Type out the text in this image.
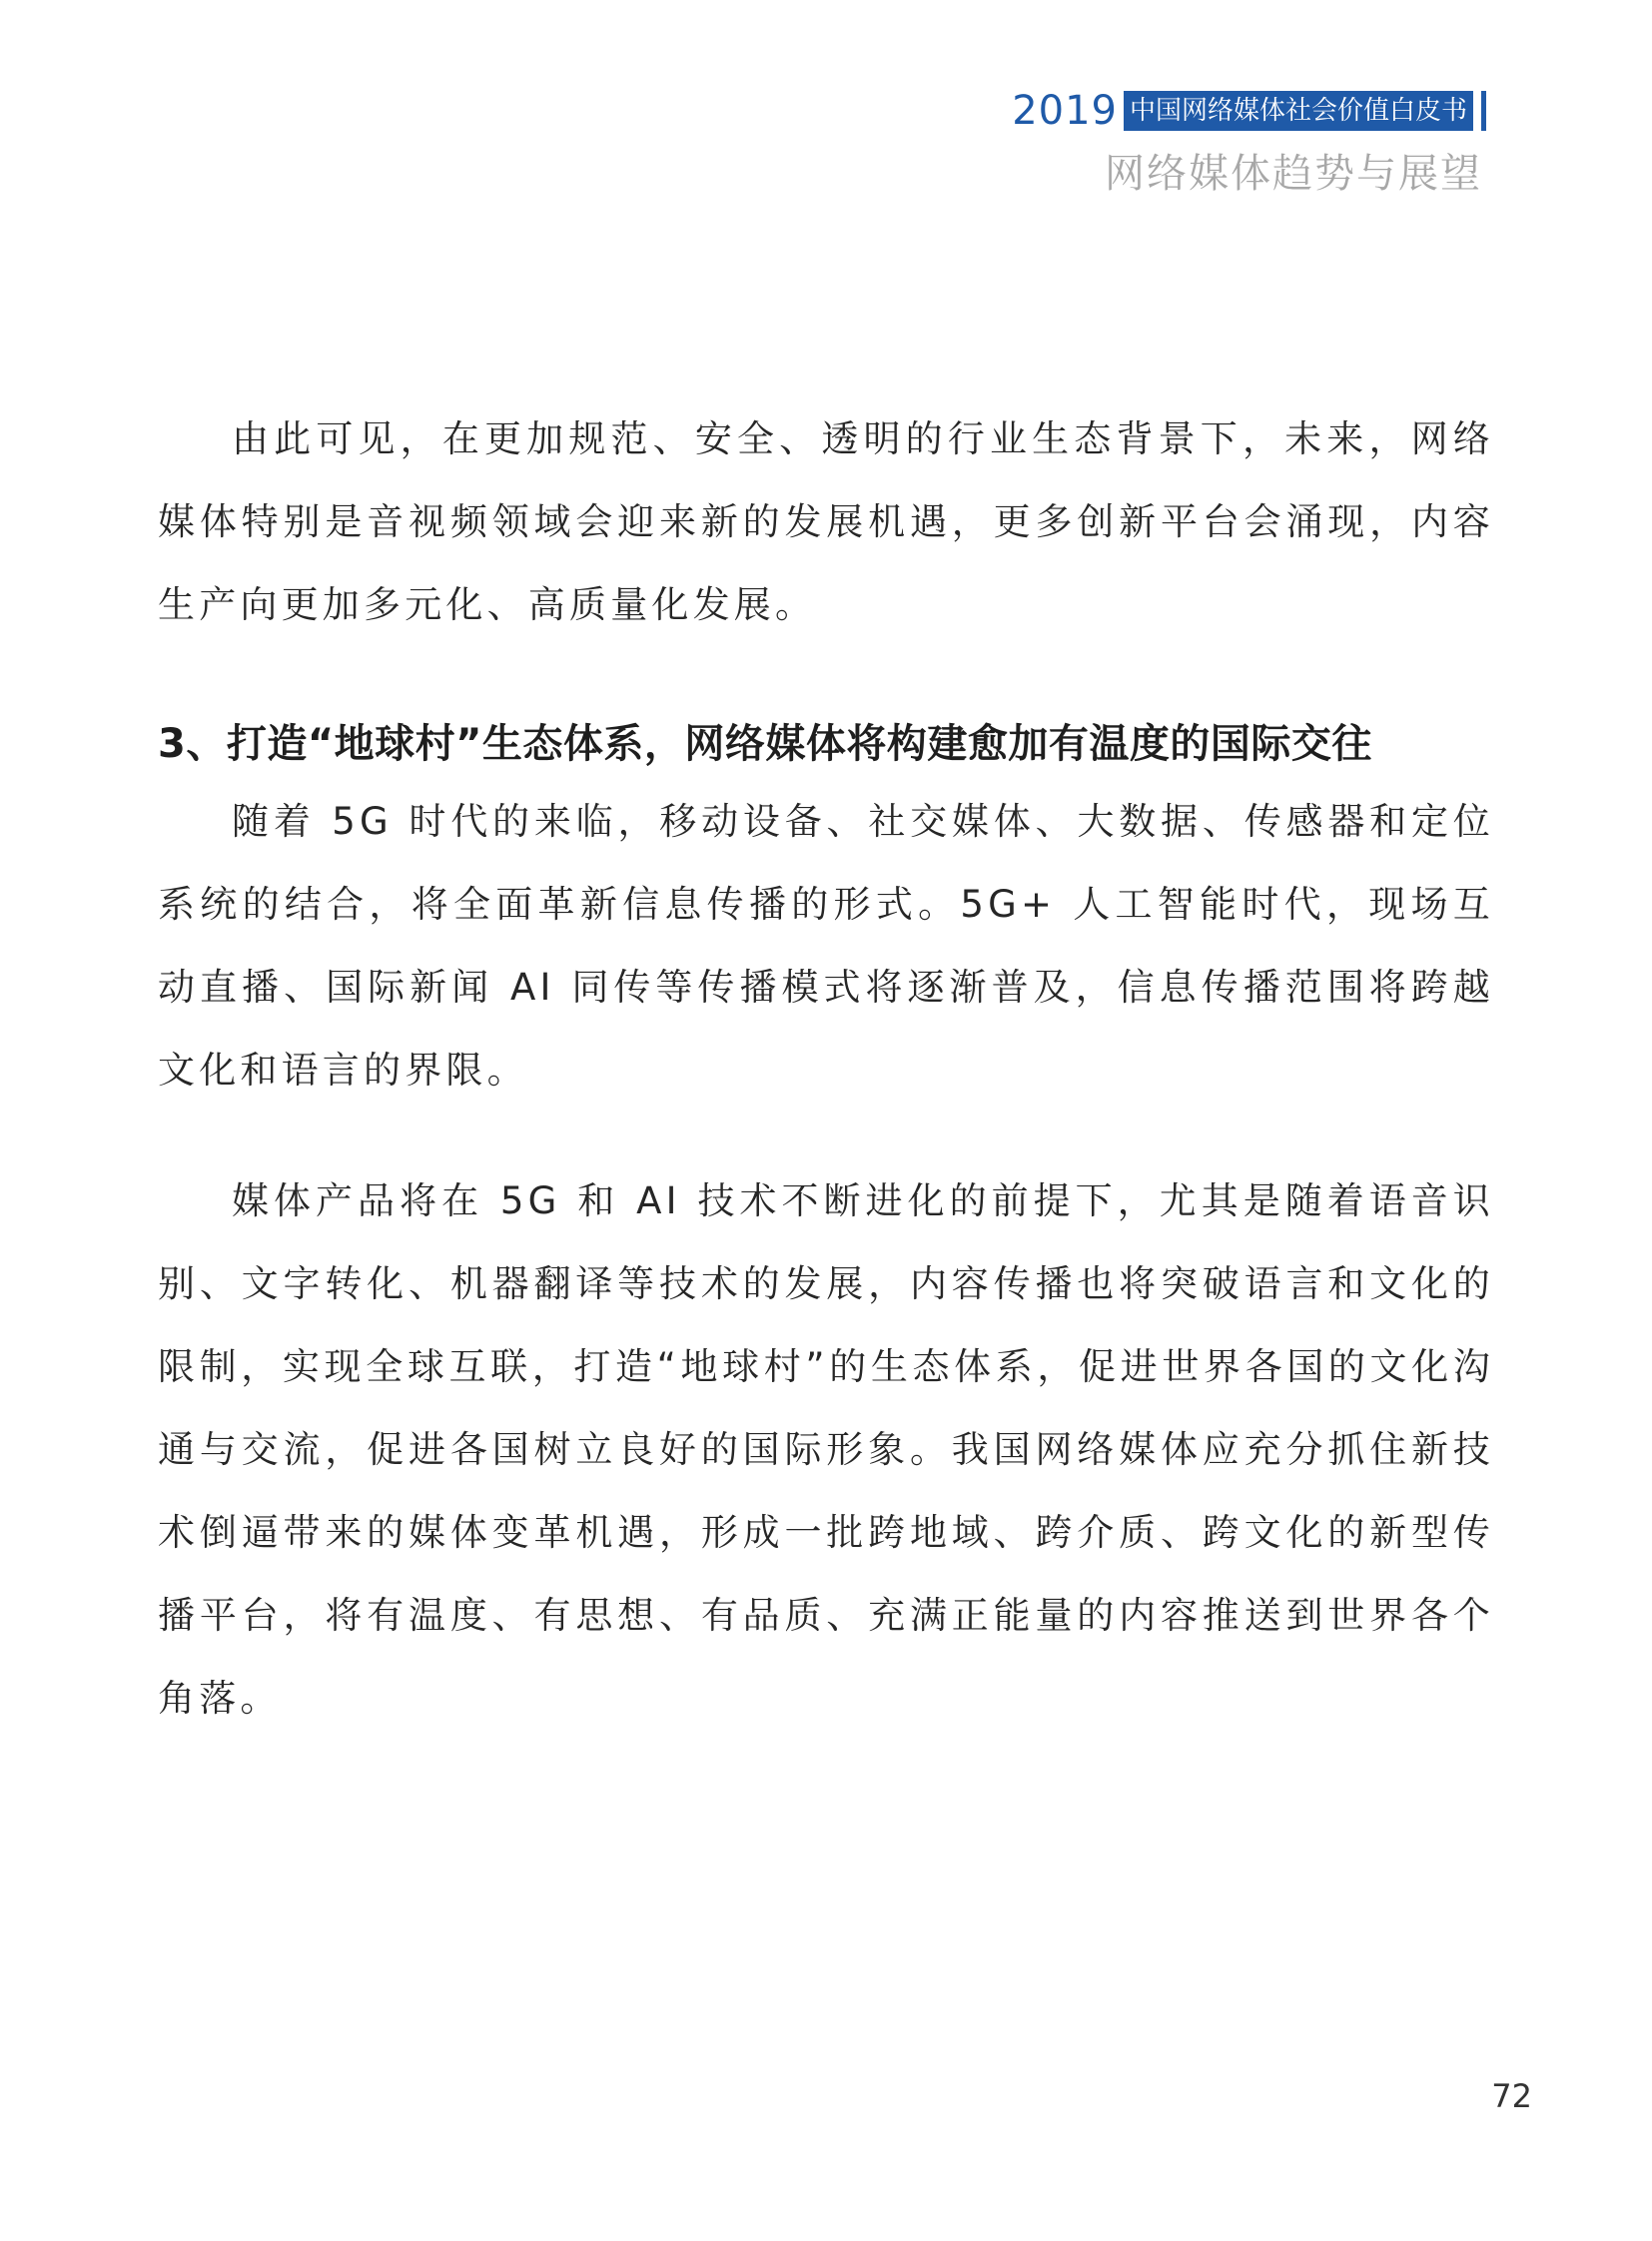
2019 中国网络媒体社会价值白皮书
网络媒体趋势与展望

由此可见，在更加规范、安全、透明的行业生态背景下，未来，网络媒体特别是音视频领域会迎来新的发展机遇，更多创新平台会涌现，内容生产向更加多元化、高质量化发展。

3、打造“地球村”生态体系，网络媒体将构建愈加有温度的国际交往

随着 5G 时代的来临，移动设备、社交媒体、大数据、传感器和定位系统的结合，将全面革新信息传播的形式。5G+ 人工智能时代，现场互动直播、国际新闻 AI 同传等传播模式将逐渐普及，信息传播范围将跨越文化和语言的界限。

媒体产品将在 5G 和 AI 技术不断进化的前提下，尤其是随着语音识别、文字转化、机器翻译等技术的发展，内容传播也将突破语言和文化的限制，实现全球互联，打造“地球村”的生态体系，促进世界各国的文化沟通与交流，促进各国树立良好的国际形象。我国网络媒体应充分抓住新技术倒逼带来的媒体变革机遇，形成一批跨地域、跨介质、跨文化的新型传播平台，将有温度、有思想、有品质、充满正能量的内容推送到世界各个角落。

72
